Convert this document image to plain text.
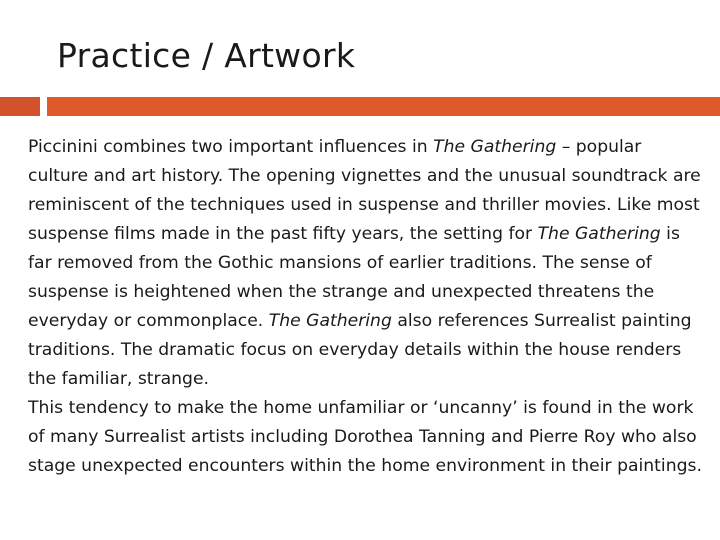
Practice / Artwork

Piccinini combines two important influences in The Gathering – popular culture and art history. The opening vignettes and the unusual soundtrack are reminiscent of the techniques used in suspense and thriller movies. Like most suspense films made in the past fifty years, the setting for The Gathering is far removed from the Gothic mansions of earlier traditions. The sense of suspense is heightened when the strange and unexpected threatens the everyday or commonplace. The Gathering also references Surrealist painting traditions. The dramatic focus on everyday details within the house renders the familiar, strange.

This tendency to make the home unfamiliar or ‘uncanny’ is found in the work of many Surrealist artists including Dorothea Tanning and Pierre Roy who also stage unexpected encounters within the home environment in their paintings.
